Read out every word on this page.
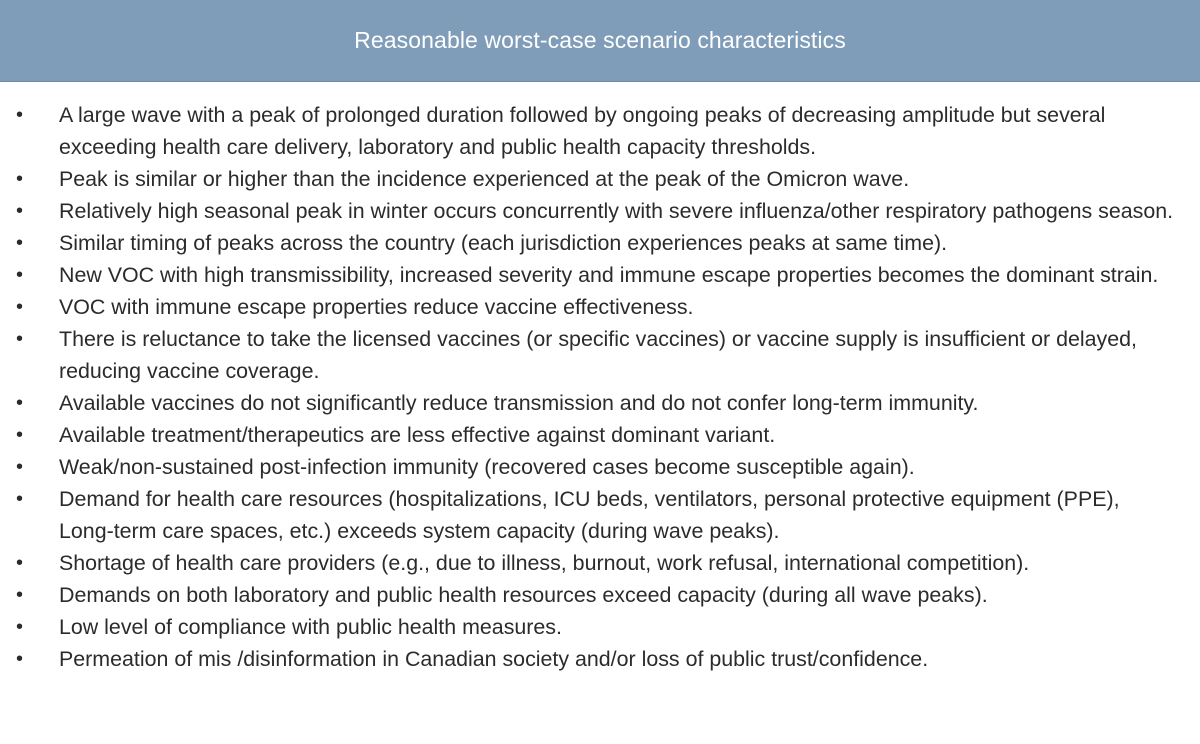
Reasonable worst-case scenario characteristics
• A large wave with a peak of prolonged duration followed by ongoing peaks of decreasing amplitude but several exceeding health care delivery, laboratory and public health capacity thresholds.
• Peak is similar or higher than the incidence experienced at the peak of the Omicron wave.
• Relatively high seasonal peak in winter occurs concurrently with severe influenza/other respiratory pathogens season.
• Similar timing of peaks across the country (each jurisdiction experiences peaks at same time).
• New VOC with high transmissibility, increased severity and immune escape properties becomes the dominant strain.
• VOC with immune escape properties reduce vaccine effectiveness.
• There is reluctance to take the licensed vaccines (or specific vaccines) or vaccine supply is insufficient or delayed, reducing vaccine coverage.
• Available vaccines do not significantly reduce transmission and do not confer long-term immunity.
• Available treatment/therapeutics are less effective against dominant variant.
• Weak/non-sustained post-infection immunity (recovered cases become susceptible again).
• Demand for health care resources (hospitalizations, ICU beds, ventilators, personal protective equipment (PPE), Long-term care spaces, etc.) exceeds system capacity (during wave peaks).
• Shortage of health care providers (e.g., due to illness, burnout, work refusal, international competition).
• Demands on both laboratory and public health resources exceed capacity (during all wave peaks).
• Low level of compliance with public health measures.
• Permeation of mis /disinformation in Canadian society and/or loss of public trust/confidence.
